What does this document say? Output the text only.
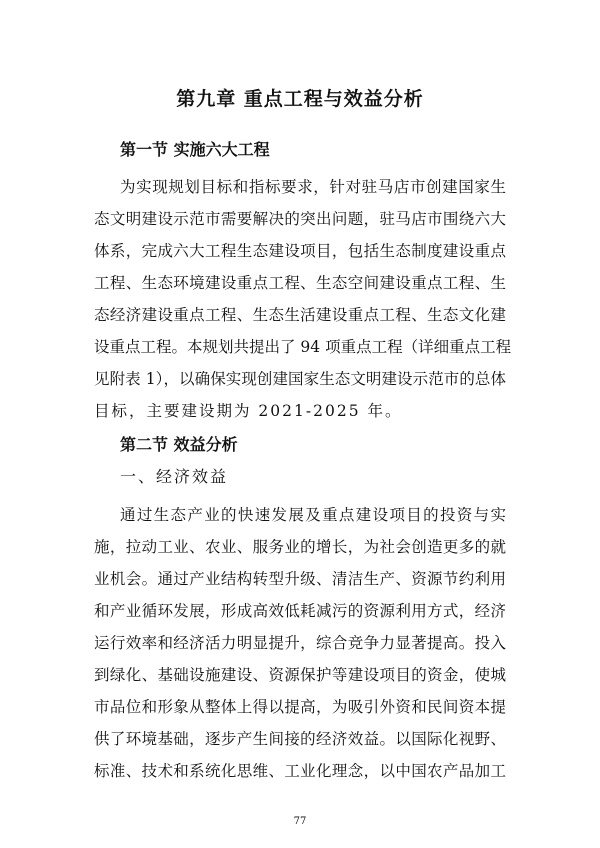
第九章 重点工程与效益分析
第一节 实施六大工程
为实现规划目标和指标要求，针对驻马店市创建国家生
态文明建设示范市需要解决的突出问题，驻马店市围绕六大
体系，完成六大工程生态建设项目，包括生态制度建设重点
工程、生态环境建设重点工程、生态空间建设重点工程、生
态经济建设重点工程、生态生活建设重点工程、生态文化建
设重点工程。本规划共提出了 94 项重点工程（详细重点工程
见附表 1），以确保实现创建国家生态文明建设示范市的总体
目标，主要建设期为 2021-2025 年。
第二节 效益分析
一、经济效益
通过生态产业的快速发展及重点建设项目的投资与实
施，拉动工业、农业、服务业的增长，为社会创造更多的就
业机会。通过产业结构转型升级、清洁生产、资源节约利用
和产业循环发展，形成高效低耗减污的资源利用方式，经济
运行效率和经济活力明显提升，综合竞争力显著提高。投入
到绿化、基础设施建设、资源保护等建设项目的资金，使城
市品位和形象从整体上得以提高，为吸引外资和民间资本提
供了环境基础，逐步产生间接的经济效益。以国际化视野、
标准、技术和系统化思维、工业化理念，以中国农产品加工
77
